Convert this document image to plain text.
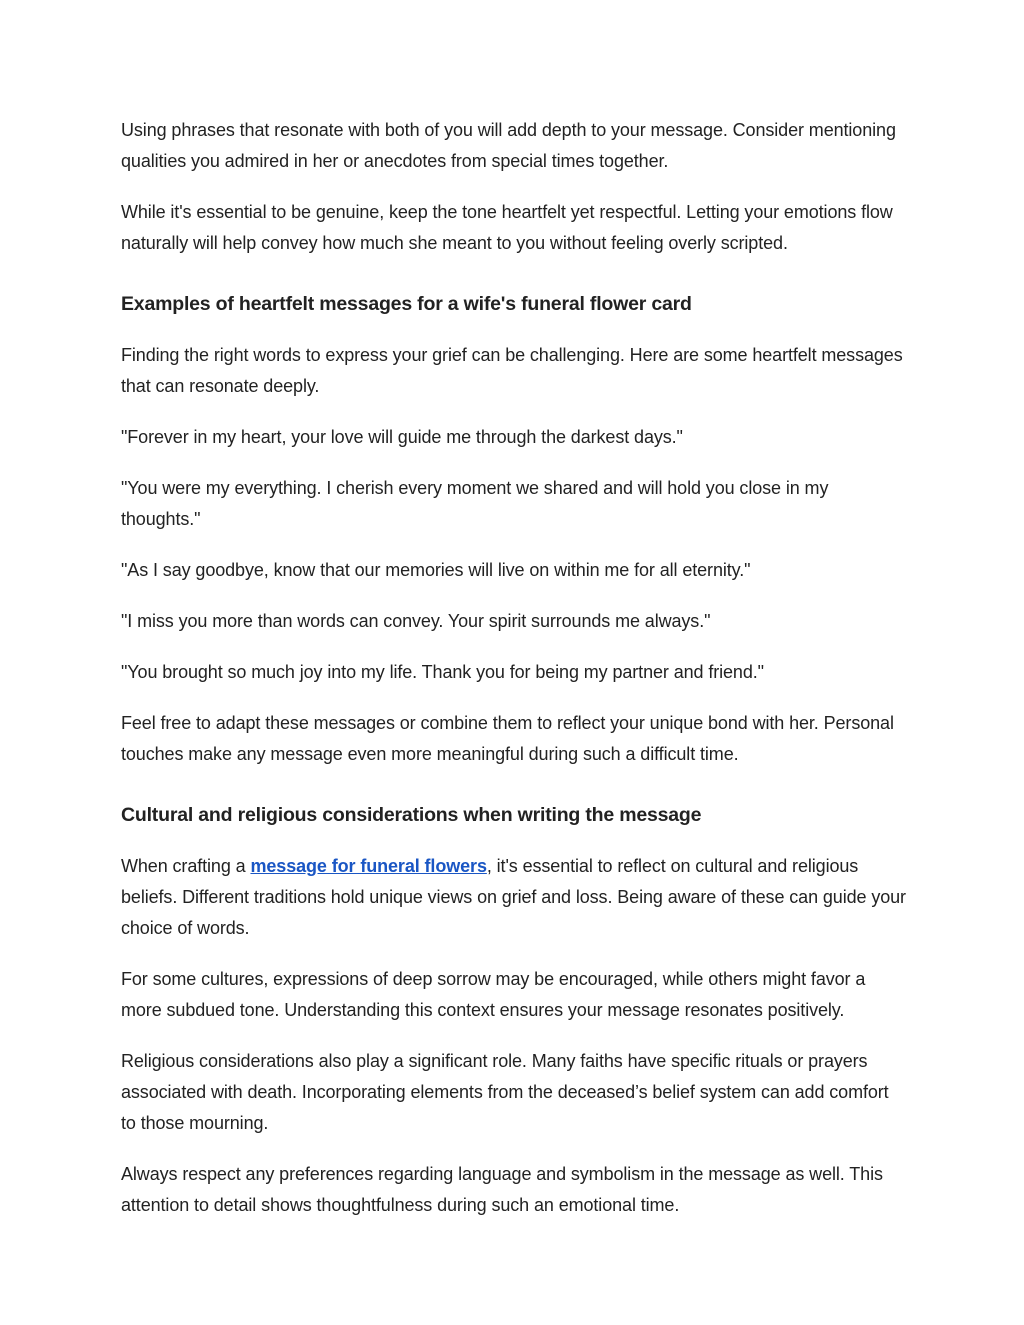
Using phrases that resonate with both of you will add depth to your message. Consider mentioning qualities you admired in her or anecdotes from special times together.

While it's essential to be genuine, keep the tone heartfelt yet respectful. Letting your emotions flow naturally will help convey how much she meant to you without feeling overly scripted.

Examples of heartfelt messages for a wife's funeral flower card

Finding the right words to express your grief can be challenging. Here are some heartfelt messages that can resonate deeply.

"Forever in my heart, your love will guide me through the darkest days."

"You were my everything. I cherish every moment we shared and will hold you close in my thoughts."

"As I say goodbye, know that our memories will live on within me for all eternity."

"I miss you more than words can convey. Your spirit surrounds me always."

"You brought so much joy into my life. Thank you for being my partner and friend."

Feel free to adapt these messages or combine them to reflect your unique bond with her. Personal touches make any message even more meaningful during such a difficult time.

Cultural and religious considerations when writing the message

When crafting a message for funeral flowers, it's essential to reflect on cultural and religious beliefs. Different traditions hold unique views on grief and loss. Being aware of these can guide your choice of words.

For some cultures, expressions of deep sorrow may be encouraged, while others might favor a more subdued tone. Understanding this context ensures your message resonates positively.

Religious considerations also play a significant role. Many faiths have specific rituals or prayers associated with death. Incorporating elements from the deceased’s belief system can add comfort to those mourning.

Always respect any preferences regarding language and symbolism in the message as well. This attention to detail shows thoughtfulness during such an emotional time.
